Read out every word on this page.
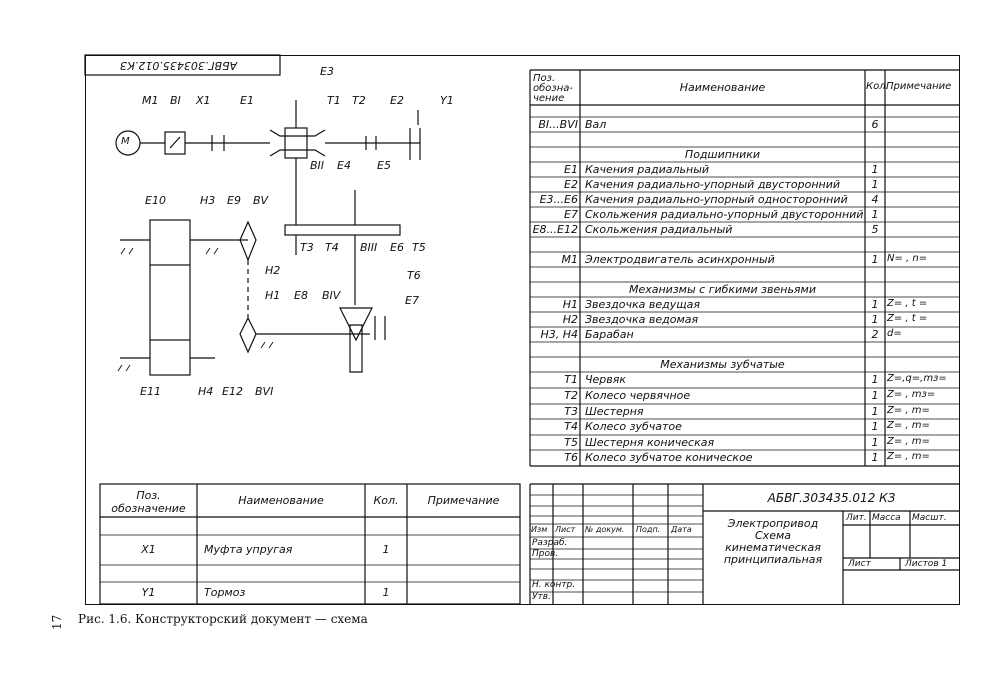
АБВГ.303435.012.КЗ
M
M1 BI X1	E1
E3
T1 T2 E2	Y1
BII E4 E5
E10	H3 E9 BV
H2
T3 T4 BIII E6 T5
T6
H1 E8 BIV	E7
E11	H4 E12 BVI
Поз. обозна-чение
Наименование	Кол.
Примечание
BI...BVI Вал	6
Подшипники
E1 Качения радиальный	1
E2 Качения радиально-упорный двусторонний	1
E3...E6 Качения радиально-упорный односторонний	4
E7 Скольжения радиально-упорный двусторонний 1
E8...E12 Скольжения радиальный	5
M1 Электродвигатель асинхронный	1 N= , n=
Механизмы с гибкими звеньями
H1 Звездочка ведущая	1 Z= , t =
H2 Звездочка ведомая	1 Z= , t =
H3, H4 Барабан	2 d=
Механизмы зубчатые
T1 Червяк	1 Z=,q=,mз=
T2 Колесо червячное	1 Z= , mз=
T3 Шестерня	1 Z= , m=
T4 Колесо зубчатое	1 Z= , m=
T5 Шестерня коническая	1 Z= , m=
T6 Колесо зубчатое коническое	1 Z= , m=
Поз. обозначение
Наименование	Кол.	Примечание
X1	Муфта упругая	1
Y1	Тормоз	1
АБВГ.303435.012 КЗ
Изм Лист № докум. Подп. Дата
Разраб.
Пров.
Н. контр.
Утв.
Электропривод
Схема
кинематическая
принципиальная
Лит. Масса Масшт.
Лист	Листов 1
17 Рис. 1.6. Конструкторский документ — схема
